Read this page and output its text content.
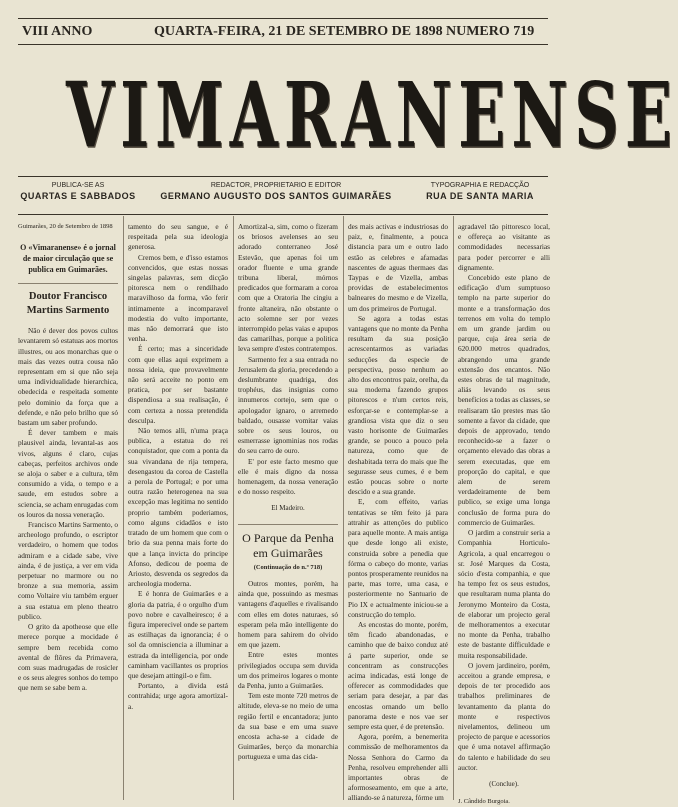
VIII ANNO	QUARTA-FEIRA, 21 DE SETEMBRO DE 1898 NUMERO 719
VIMARANENSE
PUBLICA-SE AS
QUARTAS E SABBADOS
REDACTOR, PROPRIETARIO E EDITOR
GERMANO AUGUSTO DOS SANTOS GUIMARÃES
TYPOGRAPHIA E REDACÇÃO
RUA DE SANTA MARIA
Guimarães, 20 de Setembro de 1898
O «Vimaranense» é o jornal de maior circulação que se publica em Guimarães.
Doutor Francisco Martins Sarmento

Não é dever dos povos cultos levantarem só estatuas aos mortos illustres, ou aos monarchas que o mais das vezes outra cousa não representam em si que não seja uma individualidade hierarchica, obedecida e respeitada somente pelo dominio da força que a defende, e não pelo brilho que só bastam um saber profundo.

É dever tambem e mais plausivel ainda, levantal-as aos vivos, alguns é claro, cujas cabeças, perfeitos archivos onde se aloja o saber e a cultura, têm consumido a vida, o tempo e a saude, em estudos sobre a sciencia, se acham enrugadas com os louros da nossa veneração.

Francisco Martins Sarmento, o archeologo profundo, o escriptor verdadeiro, o homem que todos admiram e a cidade sabe, vive ainda, é de justiça, a ver em vida perpetuar no marmore ou no bronze a sua memoria, assim como Voltaire viu também erguer a sua estatua em pleno theatro publico.

O grito da apotheose que elle merece porque a mocidade é sempre bem recebida como avental de flôres da Primavera, com suas madrugadas de rosicler e os seus alegres sonhos do tempo que nem se sabe bem a.

tamento do seu sangue, e é respeitada pela sua ideologia generosa.

Cremos bem, e d'isso estamos convencidos, que estas nossas singelas palavras, sem dicção pitoresca nem o rendilhado maravilhoso da forma, vão ferir intimamente a incomparavel modestia do vulto importante, mas não demorrará que isto venha.

É certo; mas a sinceridade com que ellas aqui exprimem a nossa ideia, que provavelmente não será acceite no ponto em pratica, por ser bastante dispendiosa a sua realisação, é com certeza a nossa pretendida desculpa.

Não temos alli, n'uma praça publica, a estatua do rei conquistador, que com a ponta da sua vivandana de rija tempera, desengastou da coroa de Castella a perola de Portugal; e por uma outra razão heterogenea na sua excepção mas legitima no sentido proprio também poderiamos, como alguns cidadãos e isto tratado de um homem que com o brio da sua penna mais forte do que a lança invicta do principe Afonso, dedicou de poema de Ariosto, desvenda os segredos da archeologia moderna.

E é honra de Guimarães e a gloria da patria, é o orgulho d'um povo nobre e cavalheiresco; é a figura imperecivel onde se partem as estilhaças da ignorancia; é o sol da omnisciencia a illuminar a estrada da intelligencia, por onde caminham vacillantes os proprios que desejam attingil-o e fim.

Portanto, a divida está contrahida; urge agora amortizal-a.

Amortizal-a, sim, como o fizeram os briosos avelenses ao seu adorado conterraneo José Estevão, que apenas foi um orador fluente e uma grande tribuna liberal, mórnos predicados que formaram a coroa com que a Oratoria lhe cingiu a fronte altaneira, não obstante o acto solemne ser por vezes interrompido pelas vaias e apupos das camarilhas, porque a politica leva sempre d'estes contratempos.

Sarmento fez a sua entrada no Jerusalem da gloria, precedendo a deslumbrante quadriga, dos trophéus, das insignias como innumeros cortejo, sem que o apologador ignaro, o arremedo baldado, ousasse vomitar vaias sobre os seus louros, ou esmerrasse ignominias nos rodas do seu carro de ouro.

E' por este facto mesmo que elle é mais digno da nossa homenagem, da nossa veneração e do nosso respeito.

El Madeiro.
O Parque da Penha em Guimarães
(Continuação do n.º 718)

Outros montes, porém, ha ainda que, possuindo as mesmas vantagens d'aquelles e rivalisando com elles em dotes naturaes, só esperam pela mão intelligente do homem para sahirem do olvido em que jazem.

Entre estes montes privilegiados occupa sem duvida um dos primeiros logares o monte da Penha, junto a Guimarães.

Tem este monte 720 metros de altitude, eleva-se no meio de uma região fertil e encantadora; junto da sua base e em uma suave encosta acha-se a cidade de Guimarães, berço da monarchia portugueza e uma das cida-

des mais activas e industriosas do paiz, e, finalmente, a pouca distancia para um e outro lado estão as celebres e afamadas nascentes de aguas thermaes das Taypas e de Vizella, ambas providas de estabelecimentos balneares do mesmo e de Vizella, um dos primeiros de Portugal.

Se agora a todas estas vantagens que no monte da Penha resultam da sua posição acrescentarmos as variadas seducções da especie de perspectiva, posso nenhum ao alto dos encontros paiz, orelha, da sua moderna fazendo grupos pitorescos e n'um certos reis, esforçar-se e contemplar-se a grandiosa vista que diz o seu vasto horisonte de Guimarães grande, se pouco a pouco pela natureza, como que de deshabitada terra do mais que lhe segurasse seus cumes, é e bem estão poucas sobre o norte descido e a sua grande.

E, com effeito, varias tentativas se têm feito já para attrahir as attenções do publico para aquelle monte. A mais antiga que desde longo ali existe, construida sobre a penedia que fórma o cabeço do monte, varias pontos prosperamente reunidos na parte, mas torre, uma casa, e posteriormente no Santuario de Pio IX e actualmente iniciou-se a construcção do templo.

As encostas do monte, porém, têm ficado abandonadas, e caminho que de baixo conduz até á parte superior, onde se concentram as construcções acima indicadas, está longe de offerecer as commodidades que seriam para desejar, a par das encostas ornando um bello panorama deste e nos vae ser sempre esta quer, é de pretensão.

Agora, porém, a benemerita commissão de melhoramentos da Nossa Senhora do Carmo da Penha, resolveu emprehender alli importantes obras de aformoseamento, em que a arte, alliando-se á natureza, fórme um

agradavel tão pittoresco local, e offereça ao visitante as commodidades necessarias para poder percorrer e alli dignamente.

Concebido este plano de edificação d'um sumptuoso templo na parte superior do monte e a transformação dos terrenos em volta do templo em um grande jardim ou parque, cuja área seria de 620.000 metros quadrados, abrangendo uma grande extensão dos encantos. Não estes obras de tal magnitude, aliás levando os seus benefícios a todas as classes, se realisaram tão prestes mas tão somente a favor da cidade, que depois de approvado, tendo reconhecido-se a fazer o orçamento elevado das obras a serem executadas, que em proporção do capital, e que alem de serem verdadeiramente de bem publico, se exige uma longa conclusão de forma pura do commercio de Guimarães.

O jardim a construir seria a Companhia Horticulo-Agricola, a qual encarregou o sr. José Marques da Costa, sócio d'esta companhia, e que ha tempo fez os seus estudos, que resultaram numa planta do Jeronymo Monteiro da Costa, de elaborar um projecto geral de melhoramentos a executar no monte da Penha, trabalho este de bastante difficuldade e muita responsabilidade.

O jovem jardineiro, porém, acceitou a grande empresa, e depois de ter procedido aos trabalhos preliminares de levantamento da planta do monte e respectivos nivelamentos, delineou um projecto de parque e acessorios que é uma notavel affirmação do talento e habilidade do seu auctor.

(Conclue).
J. Cândido Burgoia.
